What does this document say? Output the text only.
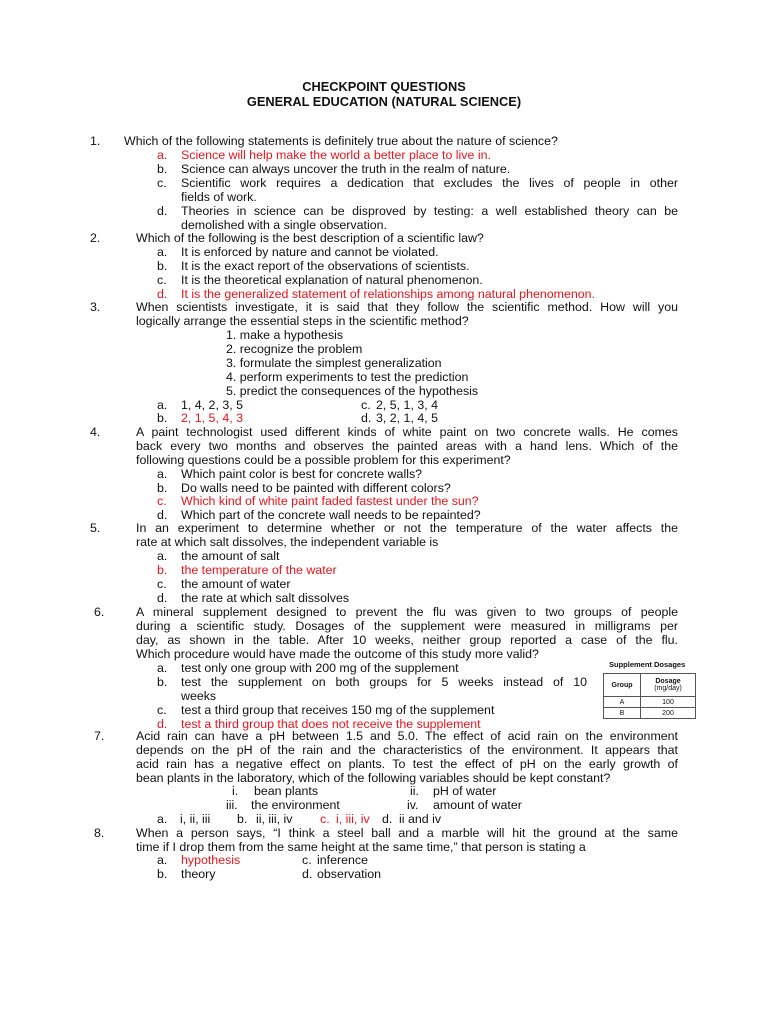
CHECKPOINT QUESTIONS
GENERAL EDUCATION (NATURAL SCIENCE)
1. Which of the following statements is definitely true about the nature of science?
a. Science will help make the world a better place to live in.
b. Science can always uncover the truth in the realm of nature.
c. Scientific work requires a dedication that excludes the lives of people in other
fields of work.
d. Theories in science can be disproved by testing: a well established theory can be
demolished with a single observation.
2.	Which of the following is the best description of a scientific law?
a. It is enforced by nature and cannot be violated.
b. It is the exact report of the observations of scientists.
c. It is the theoretical explanation of natural phenomenon.
d. It is the generalized statement of relationships among natural phenomenon.
3.	When scientists investigate, it is said that they follow the scientific method. How will you
logically arrange the essential steps in the scientific method?
1. make a hypothesis
2. recognize the problem
3. formulate the simplest generalization
4. perform experiments to test the prediction
5. predict the consequences of the hypothesis
a. 1, 4, 2, 3, 5	c. 2, 5, 1, 3, 4
b. 2, 1, 5, 4, 3	d. 3, 2, 1, 4, 5
4.	A paint technologist used different kinds of white paint on two concrete walls. He comes
back every two months and observes the painted areas with a hand lens. Which of the
following questions could be a possible problem for this experiment?
a. Which paint color is best for concrete walls?
b. Do walls need to be painted with different colors?
c. Which kind of white paint faded fastest under the sun?
d. Which part of the concrete wall needs to be repainted?
5.	In an experiment to determine whether or not the temperature of the water affects the
rate at which salt dissolves, the independent variable is
a. the amount of salt
b. the temperature of the water
c. the amount of water
d. the rate at which salt dissolves
6.	A mineral supplement designed to prevent the flu was given to two groups of people
during a scientific study. Dosages of the supplement were measured in milligrams per
day, as shown in the table. After 10 weeks, neither group reported a case of the flu.
Which procedure would have made the outcome of this study more valid?
a. test only one group with 200 mg of the supplement
b. test the supplement on both groups for 5 weeks instead of 10
weeks
c. test a third group that receives 150 mg of the supplement
d. test a third group that does not receive the supplement
Supplement Dosages
Group	Dosage
(mg/day)

A	100
B	200
7.	Acid rain can have a pH between 1.5 and 5.0. The effect of acid rain on the environment
depends on the pH of the rain and the characteristics of the environment. It appears that
acid rain has a negative effect on plants. To test the effect of pH on the early growth of
bean plants in the laboratory, which of the following variables should be kept constant?
i. bean plants	ii. pH of water
iii. the environment	iv. amount of water
a. i, ii, iii b. ii, iii, iv c. i, iii, iv d. ii and iv
8.	When a person says, “I think a steel ball and a marble will hit the ground at the same
time if I drop them from the same height at the same time,” that person is stating a
a. hypothesis	c. inference
b. theory	d. observation
